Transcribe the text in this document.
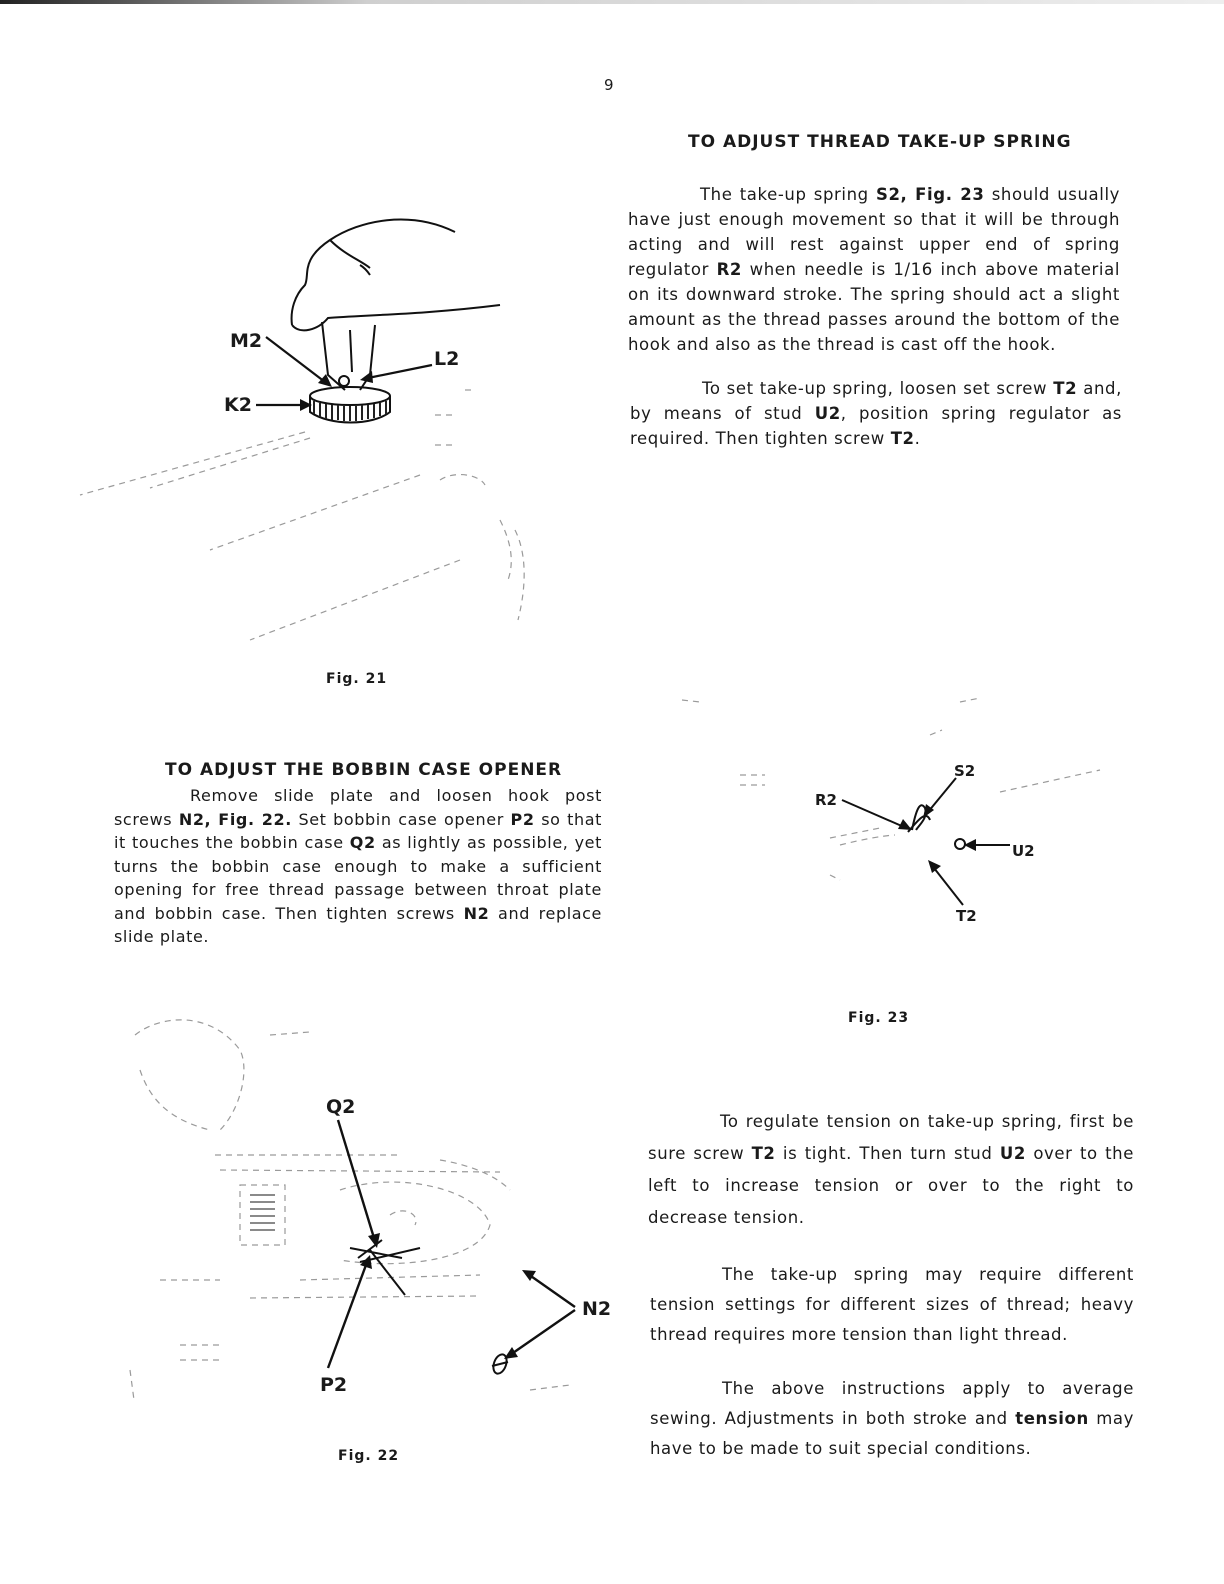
9
TO ADJUST THREAD TAKE-UP SPRING
The take-up spring S2, Fig. 23 should usually have just enough movement so that it will be through acting and will rest against upper end of spring regulator R2 when needle is 1/16 inch above material on its downward stroke. The spring should act a slight amount as the thread passes around the bottom of the hook and also as the thread is cast off the hook.
To set take-up spring, loosen set screw T2 and, by means of stud U2, position spring regulator as required. Then tighten screw T2.
M2
L2
K2
Fig. 21
S2
R2
U2
T2
Fig. 23
TO ADJUST THE BOBBIN CASE OPENER
Remove slide plate and loosen hook post screws N2, Fig. 22. Set bobbin case opener P2 so that it touches the bobbin case Q2 as lightly as possible, yet turns the bobbin case enough to make a sufficient opening for free thread passage between throat plate and bobbin case. Then tighten screws N2 and replace slide plate.
Q2
N2
P2
Fig. 22
To regulate tension on take-up spring, first be sure screw T2 is tight. Then turn stud U2 over to the left to increase tension or over to the right to decrease tension.
The take-up spring may require different tension settings for different sizes of thread; heavy thread requires more tension than light thread.
The above instructions apply to average sewing. Adjustments in both stroke and tension may have to be made to suit special conditions.
